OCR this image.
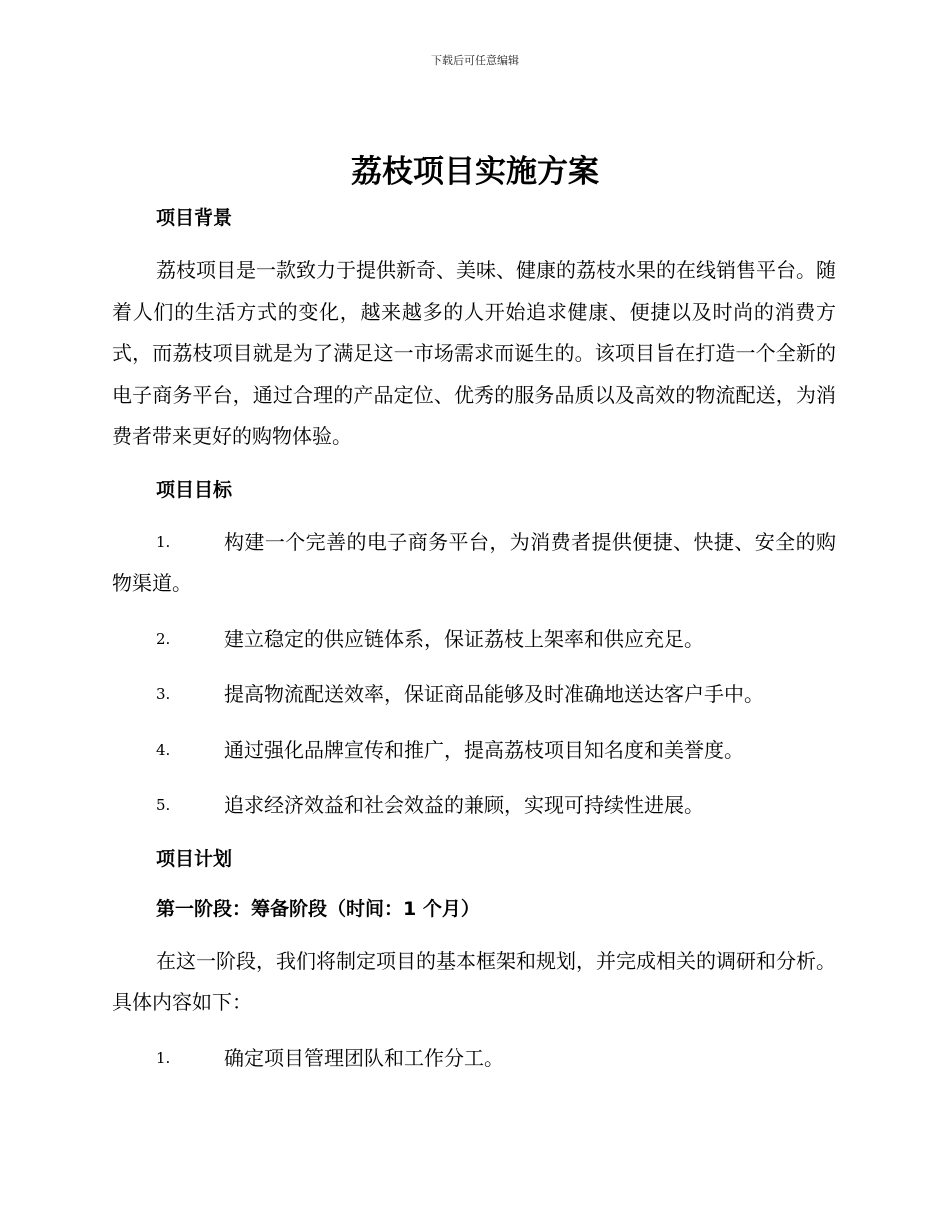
下载后可任意编辑
荔枝项目实施方案
项目背景

荔枝项目是一款致力于提供新奇、美味、健康的荔枝水果的在线销售平台。随着人们的生活方式的变化，越来越多的人开始追求健康、便捷以及时尚的消费方式，而荔枝项目就是为了满足这一市场需求而诞生的。该项目旨在打造一个全新的电子商务平台，通过合理的产品定位、优秀的服务品质以及高效的物流配送，为消费者带来更好的购物体验。

项目目标
1.	构建一个完善的电子商务平台，为消费者提供便捷、快捷、安全的购物渠道。
2.	建立稳定的供应链体系，保证荔枝上架率和供应充足。
3.	提高物流配送效率，保证商品能够及时准确地送达客户手中。
4.	通过强化品牌宣传和推广，提高荔枝项目知名度和美誉度。
5.	追求经济效益和社会效益的兼顾，实现可持续性进展。
项目计划
第一阶段：筹备阶段（时间：1 个月）

在这一阶段，我们将制定项目的基本框架和规划，并完成相关的调研和分析。具体内容如下：

1.	确定项目管理团队和工作分工。
